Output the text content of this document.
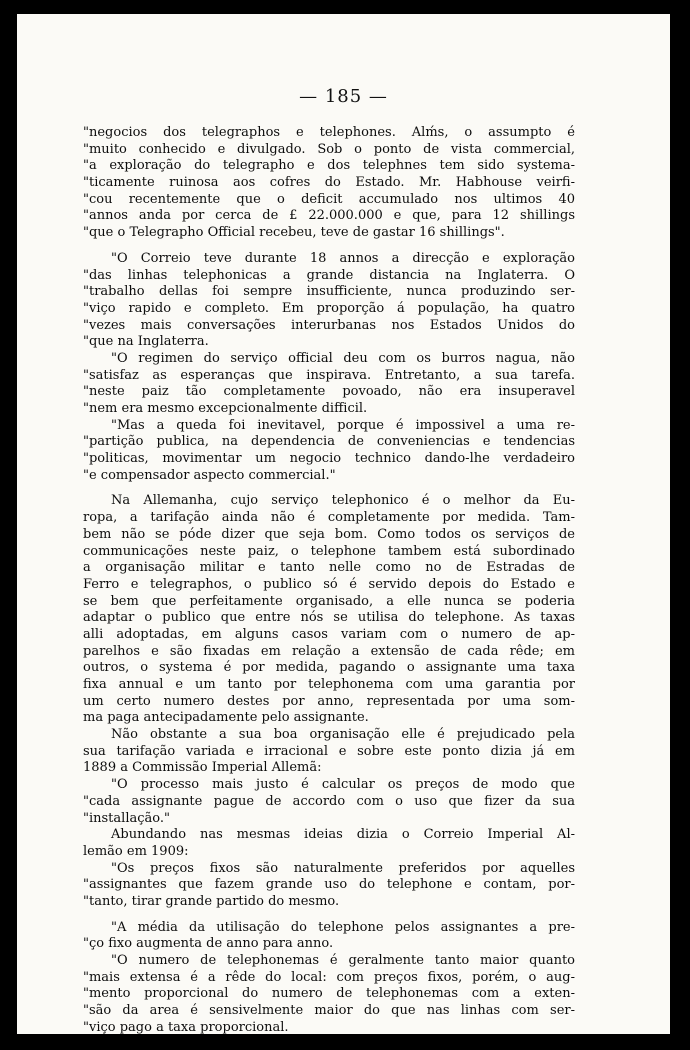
— 185 —
"negocios dos telegraphos e telephones. Alḿs, o assumpto é
"muito conhecido e divulgado. Sob o ponto de vista commercial,
"a exploração do telegrapho e dos telephnes tem sido systema-
"ticamente ruinosa aos cofres do Estado. Mr. Habhouse veirfi-
"cou recentemente que o deficit accumulado nos ultimos 40
"annos anda por cerca de £ 22.000.000 e que, para 12 shillings
"que o Telegrapho Official recebeu, teve de gastar 16 shillings".
"O Correio teve durante 18 annos a direcção e exploração
"das linhas telephonicas a grande distancia na Inglaterra. O
"trabalho dellas foi sempre insufficiente, nunca produzindo ser-
"viço rapido e completo. Em proporção á população, ha quatro
"vezes mais conversações interurbanas nos Estados Unidos do
"que na Inglaterra.
"O regimen do serviço official deu com os burros nagua, não
"satisfaz as esperanças que inspirava. Entretanto, a sua tarefa.
"neste paiz tão completamente povoado, não era insuperavel
"nem era mesmo excepcionalmente difficil.
"Mas a queda foi inevitavel, porque é impossivel a uma re-
"partição publica, na dependencia de conveniencias e tendencias
"politicas, movimentar um negocio technico dando-lhe verdadeiro
"e compensador aspecto commercial."
Na Allemanha, cujo serviço telephonico é o melhor da Eu-
ropa, a tarifação ainda não é completamente por medida. Tam-
bem não se póde dizer que seja bom. Como todos os serviços de
communicações neste paiz, o telephone tambem está subordinado
a organisação militar e tanto nelle como no de Estradas de
Ferro e telegraphos, o publico só é servido depois do Estado e
se bem que perfeitamente organisado, a elle nunca se poderia
adaptar o publico que entre nós se utilisa do telephone. As taxas
alli adoptadas, em alguns casos variam com o numero de ap-
parelhos e são fixadas em relação a extensão de cada rêde; em
outros, o systema é por medida, pagando o assignante uma taxa
fixa annual e um tanto por telephonema com uma garantia por
um certo numero destes por anno, representada por uma som-
ma paga antecipadamente pelo assignante.
Não obstante a sua boa organisação elle é prejudicado pela
sua tarifação variada e irracional e sobre este ponto dizia já em
1889 a Commissão Imperial Allemã:
"O processo mais justo é calcular os preços de modo que
"cada assignante pague de accordo com o uso que fizer da sua
"installação."
Abundando nas mesmas ideias dizia o Correio Imperial Al-
lemão em 1909:
"Os preços fixos são naturalmente preferidos por aquelles
"assignantes que fazem grande uso do telephone e contam, por-
"tanto, tirar grande partido do mesmo.
"A média da utilisação do telephone pelos assignantes a pre-
"ço fixo augmenta de anno para anno.
"O numero de telephonemas é geralmente tanto maior quanto
"mais extensa é a rêde do local: com preços fixos, porém, o aug-
"mento proporcional do numero de telephonemas com a exten-
"são da area é sensivelmente maior do que nas linhas com ser-
"viço pago a taxa proporcional.
